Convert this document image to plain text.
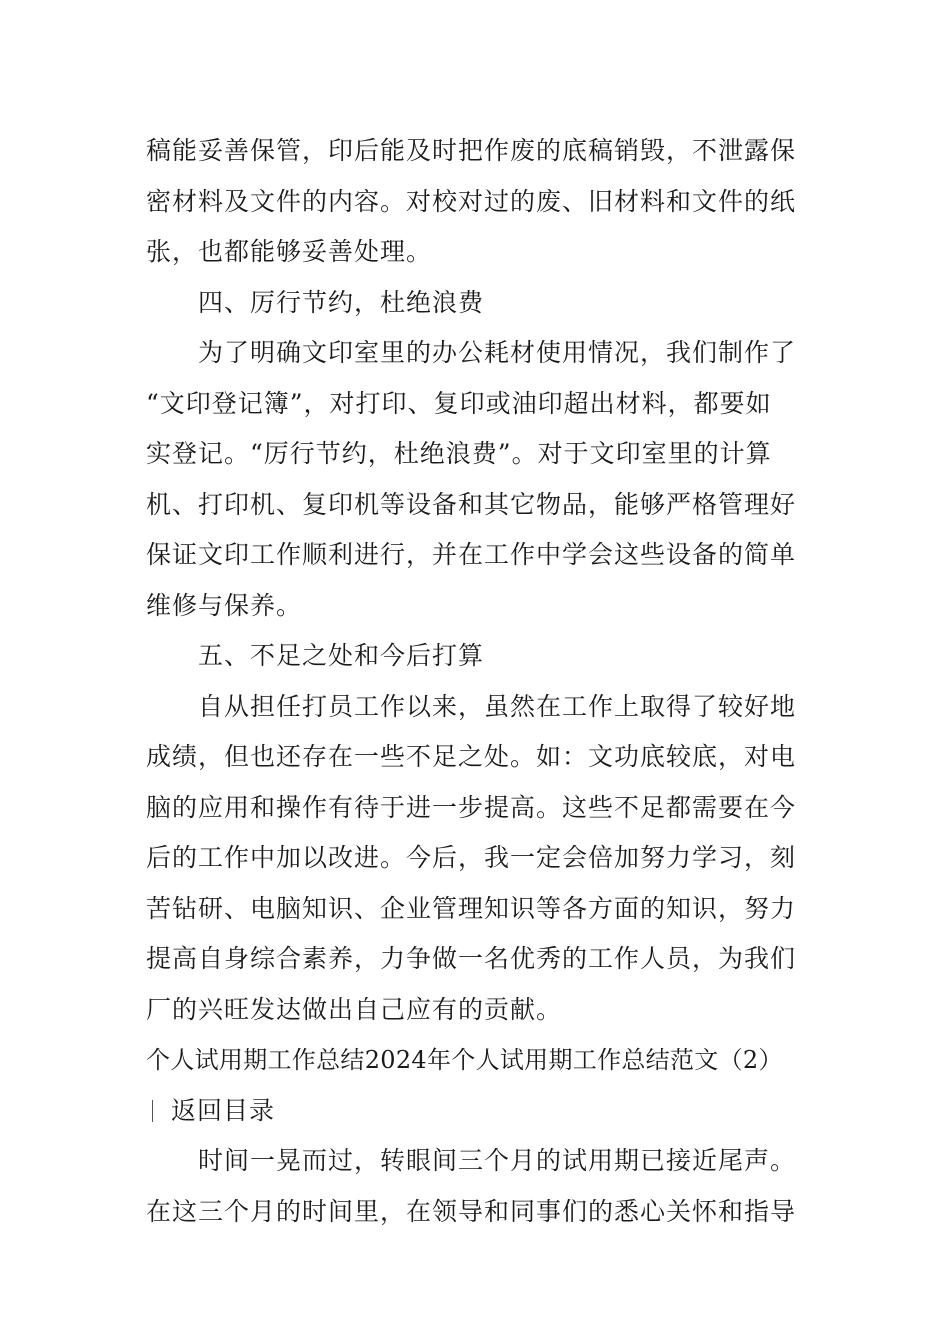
稿能妥善保管，印后能及时把作废的底稿销毁，不泄露保
密材料及文件的内容。对校对过的废、旧材料和文件的纸
张，也都能够妥善处理。
四、厉行节约，杜绝浪费
为了明确文印室里的办公耗材使用情况，我们制作了
“文印登记簿”，对打印、复印或油印超出材料，都要如
实登记。“厉行节约，杜绝浪费”。对于文印室里的计算
机、打印机、复印机等设备和其它物品，能够严格管理好
保证文印工作顺利进行，并在工作中学会这些设备的简单
维修与保养。
五、不足之处和今后打算
自从担任打员工作以来，虽然在工作上取得了较好地
成绩，但也还存在一些不足之处。如：文功底较底，对电
脑的应用和操作有待于进一步提高。这些不足都需要在今
后的工作中加以改进。今后，我一定会倍加努力学习，刻
苦钻研、电脑知识、企业管理知识等各方面的知识，努力
提高自身综合素养，力争做一名优秀的工作人员，为我们
厂的兴旺发达做出自己应有的贡献。
个人试用期工作总结2024年个人试用期工作总结范文（2）
返回目录
时间一晃而过，转眼间三个月的试用期已接近尾声。
在这三个月的时间里，在领导和同事们的悉心关怀和指导
